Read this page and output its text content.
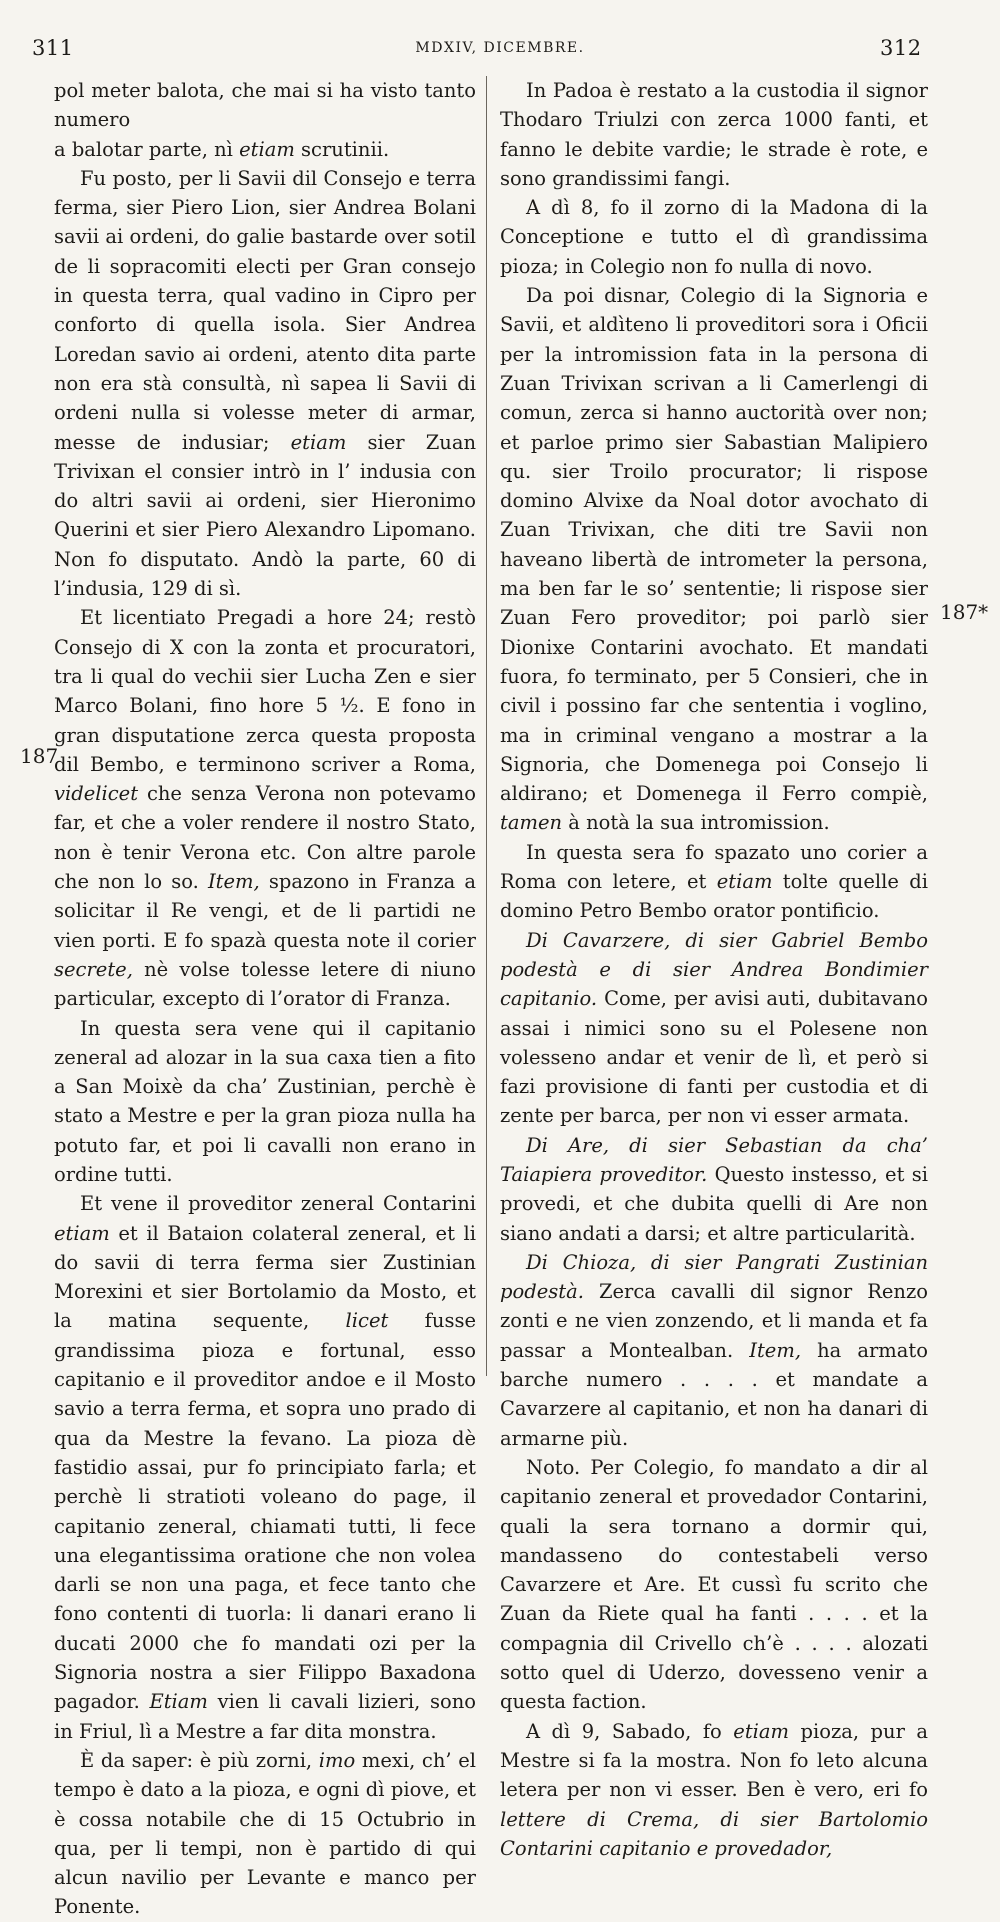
311	MDXIV, DICEMBRE.	312
187
187*

pol meter balota, che mai si ha visto tanto numero
a balotar parte, nì etiam scrutinii.

Fu posto, per li Savii dil Consejo e terra ferma, sier Piero Lion, sier Andrea Bolani savii ai ordeni, do galie bastarde over sotil de li sopracomiti electi per Gran consejo in questa terra, qual vadino in Cipro per conforto di quella isola. Sier Andrea Loredan savio ai ordeni, atento dita parte non era stà consultà, nì sapea li Savii di ordeni nulla si volesse meter di armar, messe de indusiar; etiam sier Zuan Trivixan el consier intrò in l’ indusia con do altri savii ai ordeni, sier Hieronimo Querini et sier Piero Alexandro Lipomano. Non fo disputato. Andò la parte, 60 di l’indusia, 129 di sì.

Et licentiato Pregadi a hore 24; restò Consejo di X con la zonta et procuratori, tra li qual do vechii sier Lucha Zen e sier Marco Bolani, fino hore 5 ½. E fono in gran disputatione zerca questa proposta dil Bembo, e terminono scriver a Roma, videlicet che senza Verona non potevamo far, et che a voler rendere il nostro Stato, non è tenir Verona etc. Con altre parole che non lo so. Item, spazono in Franza a solicitar il Re vengi, et de li partidi ne vien porti. E fo spazà questa note il corier secrete, nè volse tolesse letere di niuno particular, excepto di l’orator di Franza.

In questa sera vene qui il capitanio zeneral ad alozar in la sua caxa tien a fito a San Moixè da cha’ Zustinian, perchè è stato a Mestre e per la gran pioza nulla ha potuto far, et poi li cavalli non erano in ordine tutti.

Et vene il proveditor zeneral Contarini etiam et il Bataion colateral zeneral, et li do savii di terra ferma sier Zustinian Morexini et sier Bortolamio da Mosto, et la matina sequente, licet fusse grandissima pioza e fortunal, esso capitanio e il proveditor andoe e il Mosto savio a terra ferma, et sopra uno prado di qua da Mestre la fevano. La pioza dè fastidio assai, pur fo principiato farla; et perchè li stratioti voleano do page, il capitanio zeneral, chiamati tutti, li fece una elegantissima oratione che non volea darli se non una paga, et fece tanto che fono contenti di tuorla: li danari erano li ducati 2000 che fo mandati ozi per la Signoria nostra a sier Filippo Baxadona pagador. Etiam vien li cavali lizieri, sono in Friul, lì a Mestre a far dita monstra.

È da saper: è più zorni, imo mexi, ch’ el tempo è dato a la pioza, e ogni dì piove, et è cossa notabile che di 15 Octubrio in qua, per li tempi, non è partido di qui alcun navilio per Levante e manco per Ponente.

In Padoa è restato a la custodia il signor Thodaro Triulzi con zerca 1000 fanti, et fanno le debite vardie; le strade è rote, e sono grandissimi fangi.

A dì 8, fo il zorno di la Madona di la Conceptione e tutto el dì grandissima pioza; in Colegio non fo nulla di novo.

Da poi disnar, Colegio di la Signoria e Savii, et aldìteno li proveditori sora i Oficii per la intromission fata in la persona di Zuan Trivixan scrivan a li Camerlengi di comun, zerca si hanno auctorità over non; et parloe primo sier Sabastian Malipiero qu. sier Troilo procurator; li rispose domino Alvixe da Noal dotor avochato di Zuan Trivixan, che diti tre Savii non haveano libertà de intrometer la persona, ma ben far le so’ sententie; li rispose sier Zuan Fero proveditor; poi parlò sier Dionixe Contarini avochato. Et mandati fuora, fo terminato, per 5 Consieri, che in civil i possino far che sententia i voglino, ma in criminal vengano a mostrar a la Signoria, che Domenega poi Consejo li aldirano; et Domenega il Ferro compiè, tamen à notà la sua intromission.

In questa sera fo spazato uno corier a Roma con letere, et etiam tolte quelle di domino Petro Bembo orator pontificio.

Di Cavarzere, di sier Gabriel Bembo podestà e di sier Andrea Bondimier capitanio. Come, per avisi auti, dubitavano assai i nimici sono su el Polesene non volesseno andar et venir de lì, et però si fazi provisione di fanti per custodia et di zente per barca, per non vi esser armata.

Di Are, di sier Sebastian da cha’ Taiapiera proveditor. Questo instesso, et si provedi, et che dubita quelli di Are non siano andati a darsi; et altre particularità.

Di Chioza, di sier Pangrati Zustinian podestà. Zerca cavalli dil signor Renzo zonti e ne vien zonzendo, et li manda et fa passar a Montealban. Item, ha armato barche numero . . . . et mandate a Cavarzere al capitanio, et non ha danari di armarne più.

Noto. Per Colegio, fo mandato a dir al capitanio zeneral et provedador Contarini, quali la sera tornano a dormir qui, mandasseno do contestabeli verso Cavarzere et Are. Et cussì fu scrito che Zuan da Riete qual ha fanti . . . . et la compagnia dil Crivello ch’è . . . . alozati sotto quel di Uderzo, dovesseno venir a questa faction.

A dì 9, Sabado, fo etiam pioza, pur a Mestre si fa la mostra. Non fo leto alcuna letera per non vi esser. Ben è vero, eri fo lettere di Crema, di sier Bartolomio Contarini capitanio e provedador,
